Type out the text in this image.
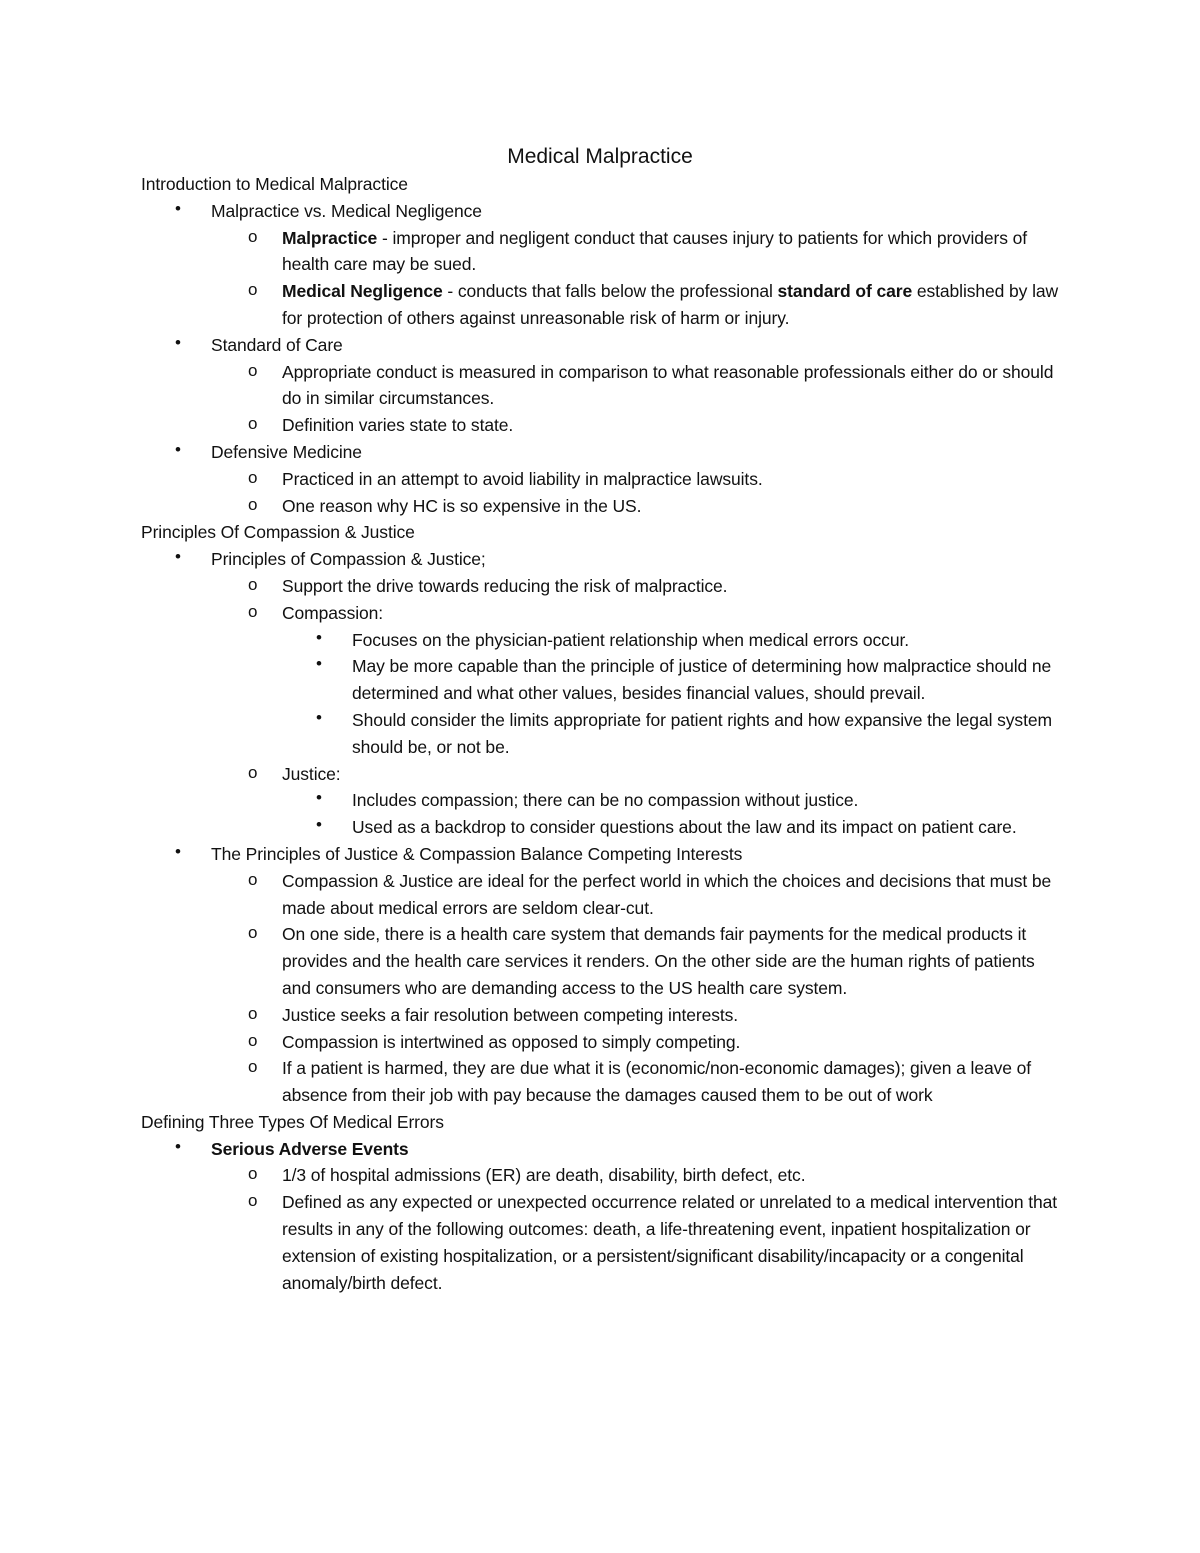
Medical Malpractice
Introduction to Medical Malpractice
• Malpractice vs. Medical Negligence
o Malpractice - improper and negligent conduct that causes injury to patients for which providers of health care may be sued.
o Medical Negligence - conducts that falls below the professional standard of care established by law for protection of others against unreasonable risk of harm or injury.
• Standard of Care
o Appropriate conduct is measured in comparison to what reasonable professionals either do or should do in similar circumstances.
o Definition varies state to state.
• Defensive Medicine
o Practiced in an attempt to avoid liability in malpractice lawsuits.
o One reason why HC is so expensive in the US.
Principles Of Compassion & Justice
• Principles of Compassion & Justice;
o Support the drive towards reducing the risk of malpractice.
o Compassion:
• Focuses on the physician-patient relationship when medical errors occur.
• May be more capable than the principle of justice of determining how malpractice should ne determined and what other values, besides financial values, should prevail.
• Should consider the limits appropriate for patient rights and how expansive the legal system should be, or not be.
o Justice:
• Includes compassion; there can be no compassion without justice.
• Used as a backdrop to consider questions about the law and its impact on patient care.
• The Principles of Justice & Compassion Balance Competing Interests
o Compassion & Justice are ideal for the perfect world in which the choices and decisions that must be made about medical errors are seldom clear-cut.
o On one side, there is a health care system that demands fair payments for the medical products it provides and the health care services it renders. On the other side are the human rights of patients and consumers who are demanding access to the US health care system.
o Justice seeks a fair resolution between competing interests.
o Compassion is intertwined as opposed to simply competing.
o If a patient is harmed, they are due what it is (economic/non-economic damages); given a leave of absence from their job with pay because the damages caused them to be out of work
Defining Three Types Of Medical Errors
• Serious Adverse Events
o 1/3 of hospital admissions (ER) are death, disability, birth defect, etc.
o Defined as any expected or unexpected occurrence related or unrelated to a medical intervention that results in any of the following outcomes: death, a life-threatening event, inpatient hospitalization or extension of existing hospitalization, or a persistent/significant disability/incapacity or a congenital anomaly/birth defect.
